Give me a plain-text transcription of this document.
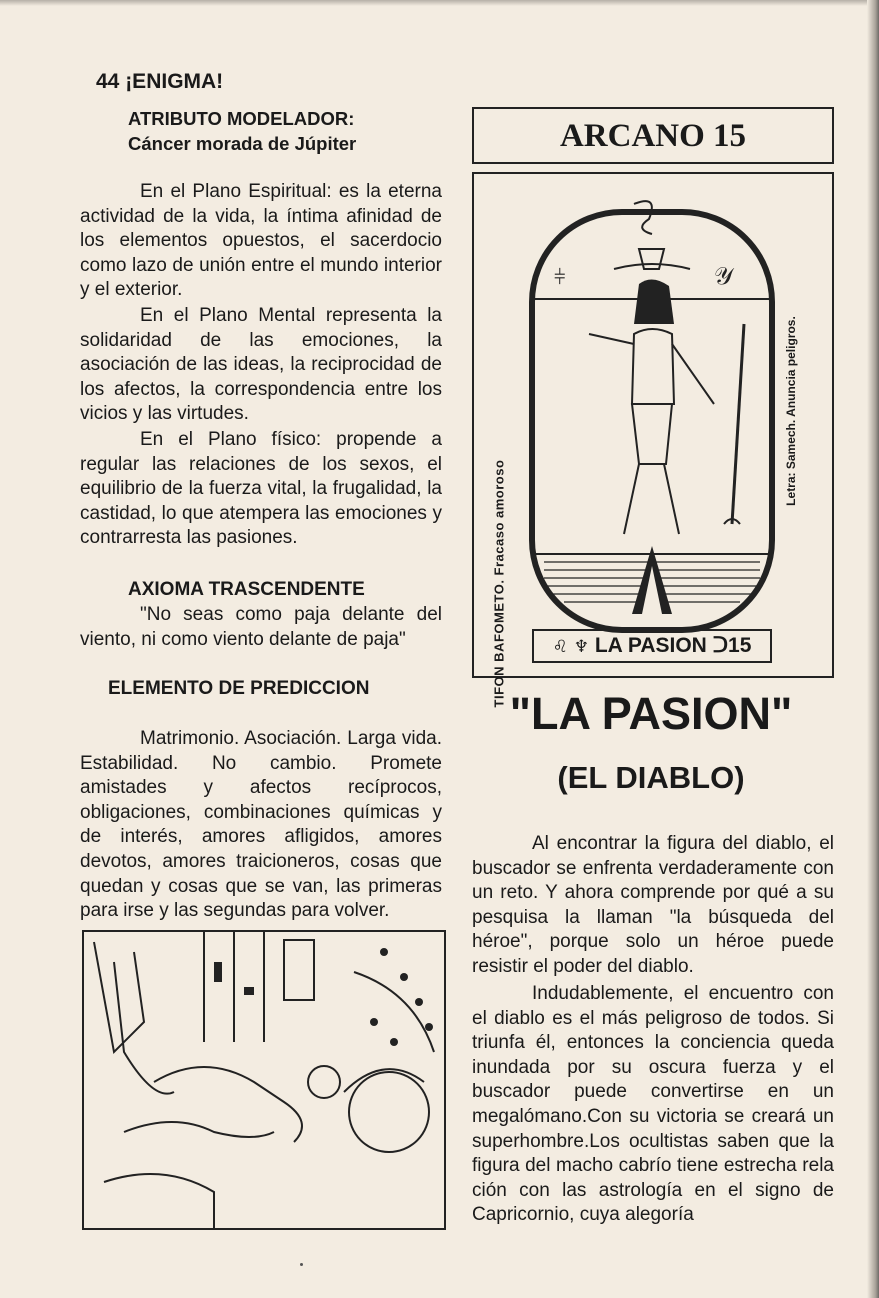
44 ¡ENIGMA!
ATRIBUTO MODELADOR:
Cáncer morada de Júpiter
En el Plano Espiritual: es la eterna actividad de la vida, la íntima afinidad de los elementos opuestos, el sacerdocio como lazo de unión entre el mundo interior y el exterior.
En el Plano Mental representa la solidaridad de las emociones, la asociación de las ideas, la reciprocidad de los afectos, la correspondencia entre los vicios y las virtudes.
En el Plano físico: propende a regular las relaciones de los sexos, el equilibrio de la fuerza vital, la frugalidad, la castidad, lo que atempera las emociones y contrarresta las pasiones.
AXIOMA TRASCENDENTE
"No seas como paja delante del viento, ni como viento delante de paja"
ELEMENTO DE PREDICCION
Matrimonio. Asociación. Larga vida. Estabilidad. No cambio. Promete amistades y afectos recíprocos, obligaciones, combinaciones químicas y de interés, amores afligidos, amores devotos, amores traicioneros, cosas que quedan y cosas que se van, las primeras para irse y las segundas para volver.
ARCANO 15
⫩	𝒴
TIFON BAFOMETO. Fracaso amoroso
Letra: Samech. Anuncia peligros.
♌ ♆ LA PASION ᑐ15
"LA PASION"
(EL DIABLO)
Al encontrar la figura del diablo, el buscador se enfrenta verdaderamente con un reto. Y ahora comprende por qué a su pesquisa la llaman "la búsqueda del héroe", porque solo un héroe puede resistir el poder del diablo.
Indudablemente, el encuentro con el diablo es el más peligroso de todos. Si triunfa él, entonces la conciencia queda inundada por su oscura fuerza y el buscador puede convertirse en un megalómano.Con su victoria se creará un superhombre.Los ocultistas saben que la figura del macho cabrío tiene estrecha rela ción con las astrología en el signo de Capricornio, cuya alegoría
